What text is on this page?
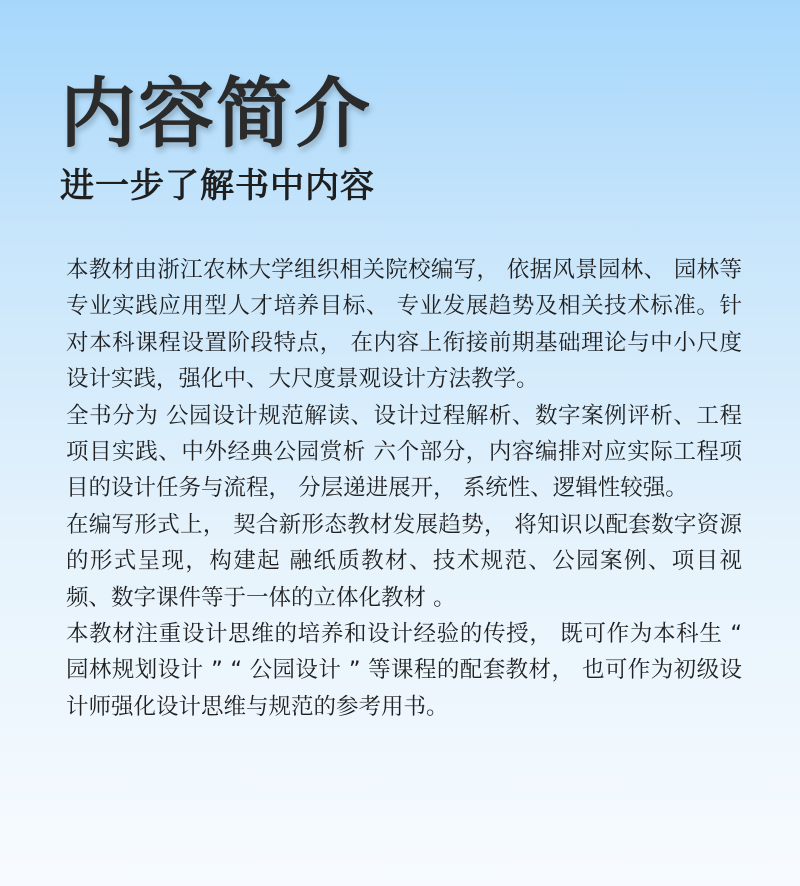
内容简介
进一步了解书中内容

本教材由浙江农林大学组织相关院校编写， 依据风景园林、 园林等专业实践应用型人才培养目标、 专业发展趋势及相关技术标准。针对本科课程设置阶段特点， 在内容上衔接前期基础理论与中小尺度设计实践，强化中、大尺度景观设计方法教学。

全书分为 公园设计规范解读、设计过程解析、数字案例评析、工程项目实践、中外经典公园赏析 六个部分，内容编排对应实际工程项目的设计任务与流程， 分层递进展开， 系统性、逻辑性较强。

在编写形式上， 契合新形态教材发展趋势， 将知识以配套数字资源的形式呈现，构建起 融纸质教材、技术规范、公园案例、项目视频、数字课件等于一体的立体化教材 。

本教材注重设计思维的培养和设计经验的传授， 既可作为本科生 “ 园林规划设计 ” “ 公园设计 ” 等课程的配套教材， 也可作为初级设计师强化设计思维与规范的参考用书。
